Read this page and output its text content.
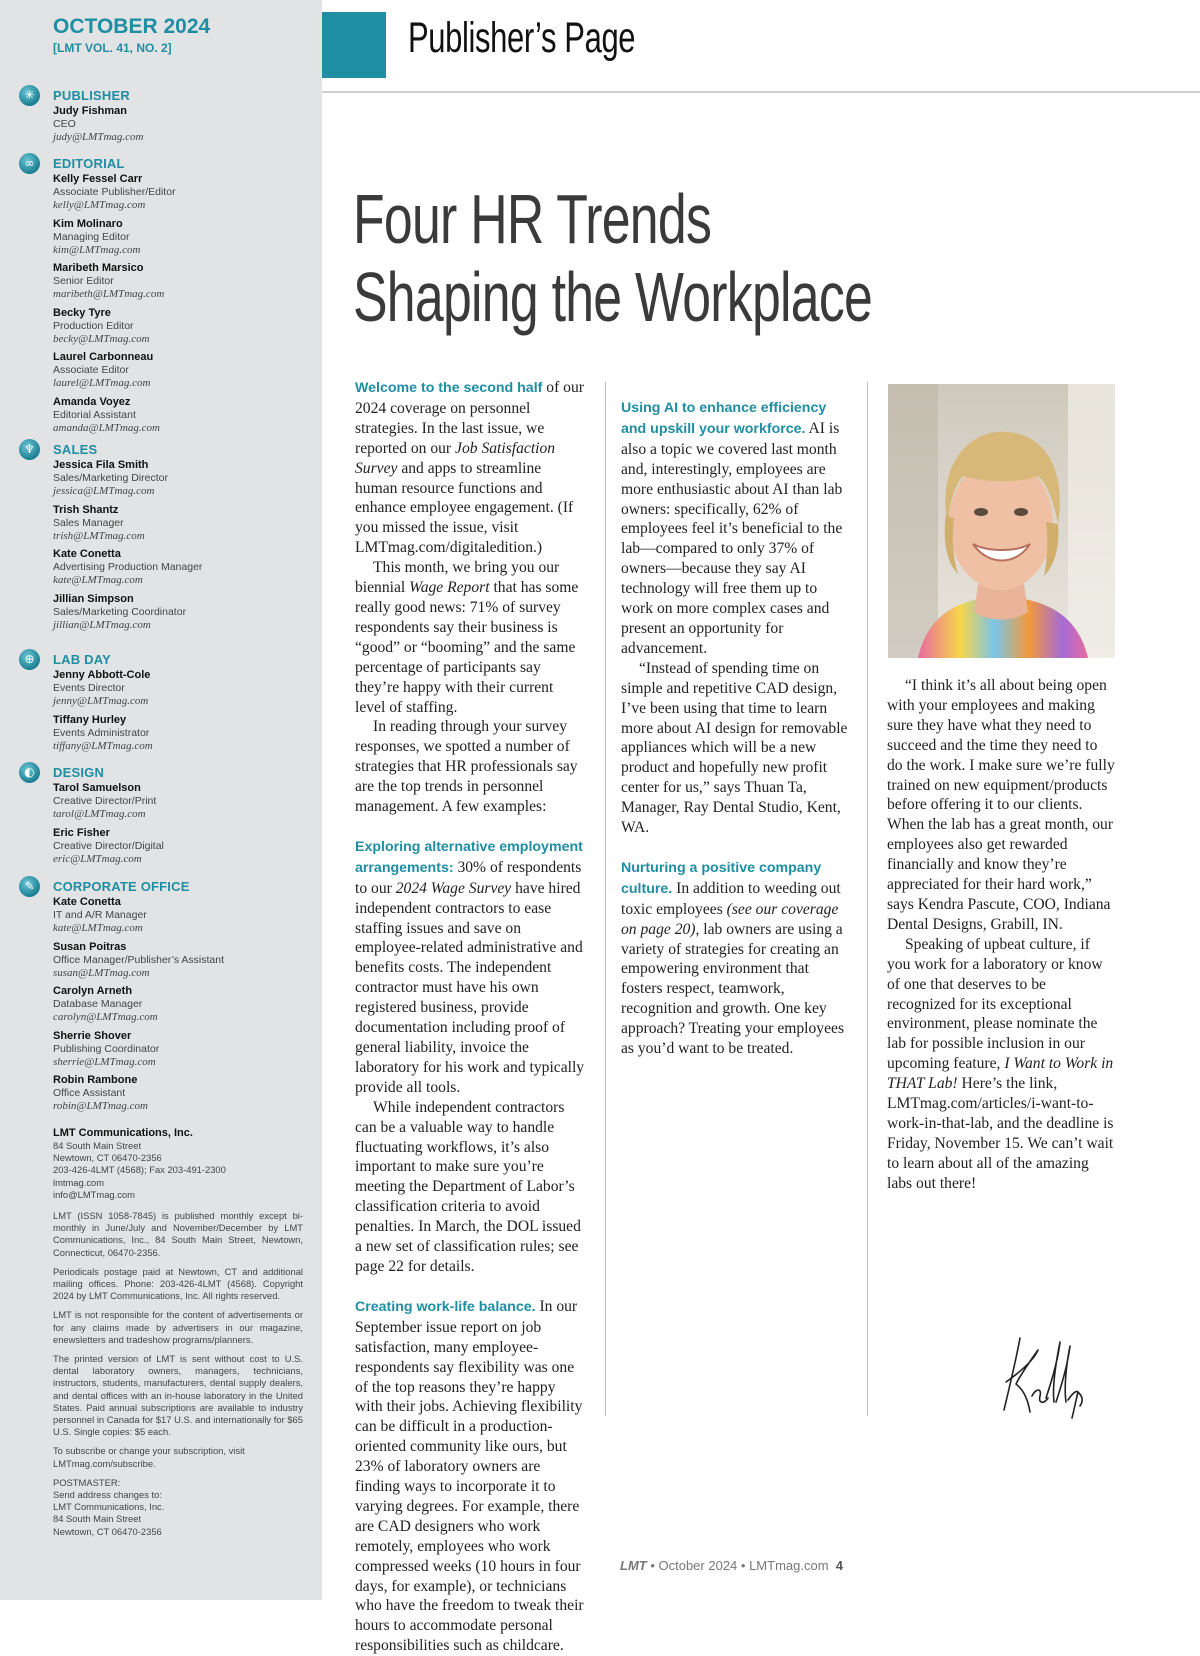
OCTOBER 2024
[LMT VOL. 41, NO. 2]
✳	PUBLISHER
Judy Fishman
CEO
judy@LMTmag.com
∞	EDITORIAL
Kelly Fessel Carr
Associate Publisher/Editor
kelly@LMTmag.com
Kim Molinaro
Managing Editor
kim@LMTmag.com
Maribeth Marsico
Senior Editor
maribeth@LMTmag.com
Becky Tyre
Production Editor
becky@LMTmag.com
Laurel Carbonneau
Associate Editor
laurel@LMTmag.com
Amanda Voyez
Editorial Assistant
amanda@LMTmag.com
♆	SALES
Jessica Fila Smith
Sales/Marketing Director
jessica@LMTmag.com
Trish Shantz
Sales Manager
trish@LMTmag.com
Kate Conetta
Advertising Production Manager
kate@LMTmag.com
Jillian Simpson
Sales/Marketing Coordinator
jillian@LMTmag.com
⊕	LAB DAY
Jenny Abbott-Cole
Events Director
jenny@LMTmag.com
Tiffany Hurley
Events Administrator
tiffany@LMTmag.com
◐	DESIGN
Tarol Samuelson
Creative Director/Print
tarol@LMTmag.com
Eric Fisher
Creative Director/Digital
eric@LMTmag.com
✎	CORPORATE OFFICE
Kate Conetta
IT and A/R Manager
kate@LMTmag.com
Susan Poitras
Office Manager/Publisher’s Assistant
susan@LMTmag.com
Carolyn Arneth
Database Manager
carolyn@LMTmag.com
Sherrie Shover
Publishing Coordinator
sherrie@LMTmag.com
Robin Rambone
Office Assistant
robin@LMTmag.com
LMT Communications, Inc.
84 South Main Street
Newtown, CT 06470-2356
203-426-4LMT (4568); Fax 203-491-2300
lmtmag.com
info@LMTmag.com

LMT (ISSN 1058-7845) is published monthly except bi-monthly in June/July and November/December by LMT Communications, Inc., 84 South Main Street, Newtown, Connecticut, 06470-2356.

Periodicals postage paid at Newtown, CT and additional mailing offices. Phone: 203-426-4LMT (4568). Copyright 2024 by LMT Communications, Inc. All rights reserved.

LMT is not responsible for the content of advertisements or for any claims made by advertisers in our magazine, enewsletters and tradeshow programs/planners.

The printed version of LMT is sent without cost to U.S. dental laboratory owners, managers, technicians, instructors, students, manufacturers, dental supply dealers, and dental offices with an in-house laboratory in the United States. Paid annual subscriptions are available to industry personnel in Canada for $17 U.S. and internationally for $65 U.S. Single copies: $5 each.

To subscribe or change your subscription, visit LMTmag.com/subscribe.

POSTMASTER:
Send address changes to:
LMT Communications, Inc.
84 South Main Street
Newtown, CT 06470-2356
Publisher’s Page
Four HR Trends
Shaping the Workplace

Welcome to the second half of our 2024 coverage on personnel strategies. In the last issue, we reported on our Job Satisfaction Survey and apps to streamline human resource functions and enhance employee engagement. (If you missed the issue, visit LMTmag.com/digitaledition.)

This month, we bring you our biennial Wage Report that has some really good news: 71% of survey respondents say their business is “good” or “booming” and the same percentage of participants say they’re happy with their current level of staffing.

In reading through your survey responses, we spotted a number of strategies that HR professionals say are the top trends in personnel management. A few examples:

Exploring alternative employment arrangements: 30% of respondents to our 2024 Wage Survey have hired independent contractors to ease staffing issues and save on employee-related administrative and benefits costs. The independent contractor must have his own registered business, provide documentation including proof of general liability, invoice the laboratory for his work and typically provide all tools.

While independent contractors can be a valuable way to handle fluctuating workflows, it’s also important to make sure you’re meeting the Department of Labor’s classification criteria to avoid penalties. In March, the DOL issued a new set of classification rules; see page 22 for details.

Creating work-life balance. In our September issue report on job satisfaction, many employee-respondents say flexibility was one of the top reasons they’re happy with their jobs. Achieving flexibility can be difficult in a production-oriented community like ours, but 23% of laboratory owners are finding ways to incorporate it to varying degrees. For example, there are CAD designers who work remotely, employees who work compressed weeks (10 hours in four days, for example), or technicians who have the freedom to tweak their hours to accommodate personal responsibilities such as childcare.

Using AI to enhance efficiency and upskill your workforce. AI is also a topic we covered last month and, interestingly, employees are more enthusiastic about AI than lab owners: specifically, 62% of employees feel it’s beneficial to the lab—compared to only 37% of owners—because they say AI technology will free them up to work on more complex cases and present an opportunity for advancement.

“Instead of spending time on simple and repetitive CAD design, I’ve been using that time to learn more about AI design for removable appliances which will be a new product and hopefully new profit center for us,” says Thuan Ta, Manager, Ray Dental Studio, Kent, WA.

Nurturing a positive company culture. In addition to weeding out toxic employees (see our coverage on page 20), lab owners are using a variety of strategies for creating an empowering environment that fosters respect, teamwork, recognition and growth. One key approach? Treating your employees as you’d want to be treated.

“I think it’s all about being open with your employees and making sure they have what they need to succeed and the time they need to do the work. I make sure we’re fully trained on new equipment/products before offering it to our clients. When the lab has a great month, our employees also get rewarded financially and know they’re appreciated for their hard work,” says Kendra Pascute, COO, Indiana Dental Designs, Grabill, IN.

Speaking of upbeat culture, if you work for a laboratory or know of one that deserves to be recognized for its exceptional environment, please nominate the lab for possible inclusion in our upcoming feature, I Want to Work in THAT Lab! Here’s the link, LMTmag.com/articles/i-want-to-work-in-that-lab, and the deadline is Friday, November 15. We can’t wait to learn about all of the amazing labs out there!

LMT • October 2024 • LMTmag.com 4
